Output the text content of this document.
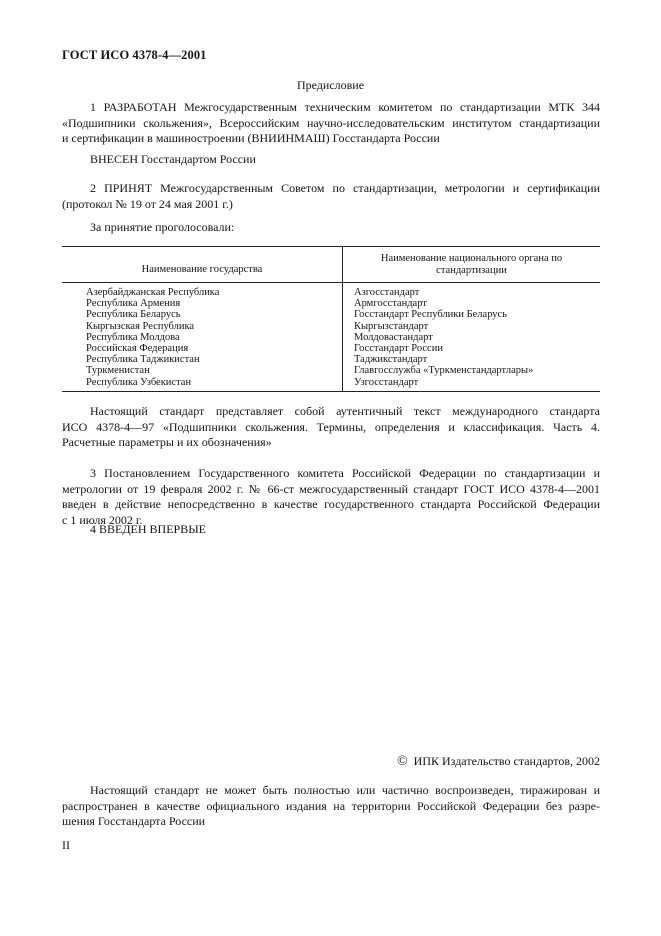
ГОСТ ИСО 4378-4—2001
Предисловие
1 РАЗРАБОТАН Межгосударственным техническим комитетом по стандартизации МТК 344
«Подшипники скольжения», Всероссийским научно-исследовательским институтом стандартизации
и сертификации в машиностроении (ВНИИНМАШ) Госстандарта России
ВНЕСЕН Госстандартом России
2 ПРИНЯТ Межгосударственным Советом по стандартизации, метрологии и сертификации
(протокол № 19 от 24 мая 2001 г.)
За принятие проголосовали:
Наименование государства
Наименование национального органа по
стандартизации
Азербайджанская Республика
Республика Армения
Республика Беларусь
Кыргызская Республика
Республика Молдова
Российская Федерация
Республика Таджикистан
Туркменистан
Республика Узбекистан
Азгосстандарт
Армгосстандарт
Госстандарт Республики Беларусь
Кыргызстандарт
Молдовастандарт
Госстандарт России
Таджикстандарт
Главгосслужба «Туркменстандартлары»
Узгосстандарт
Настоящий стандарт представляет собой аутентичный текст международного стандарта
ИСО 4378-4—97 «Подшипники скольжения. Термины, определения и классификация. Часть 4.
Расчетные параметры и их обозначения»
3 Постановлением Государственного комитета Российской Федерации по стандартизации и
метрологии от 19 февраля 2002 г. № 66-ст межгосударственный стандарт ГОСТ ИСО 4378-4—2001
введен в действие непосредственно в качестве государственного стандарта Российской Федерации
с 1 июля 2002 г.
4 ВВЕДЕН ВПЕРВЫЕ
© ИПК Издательство стандартов, 2002
Настоящий стандарт не может быть полностью или частично воспроизведен, тиражирован и
распространен в качестве официального издания на территории Российской Федерации без разре-
шения Госстандарта России
II
